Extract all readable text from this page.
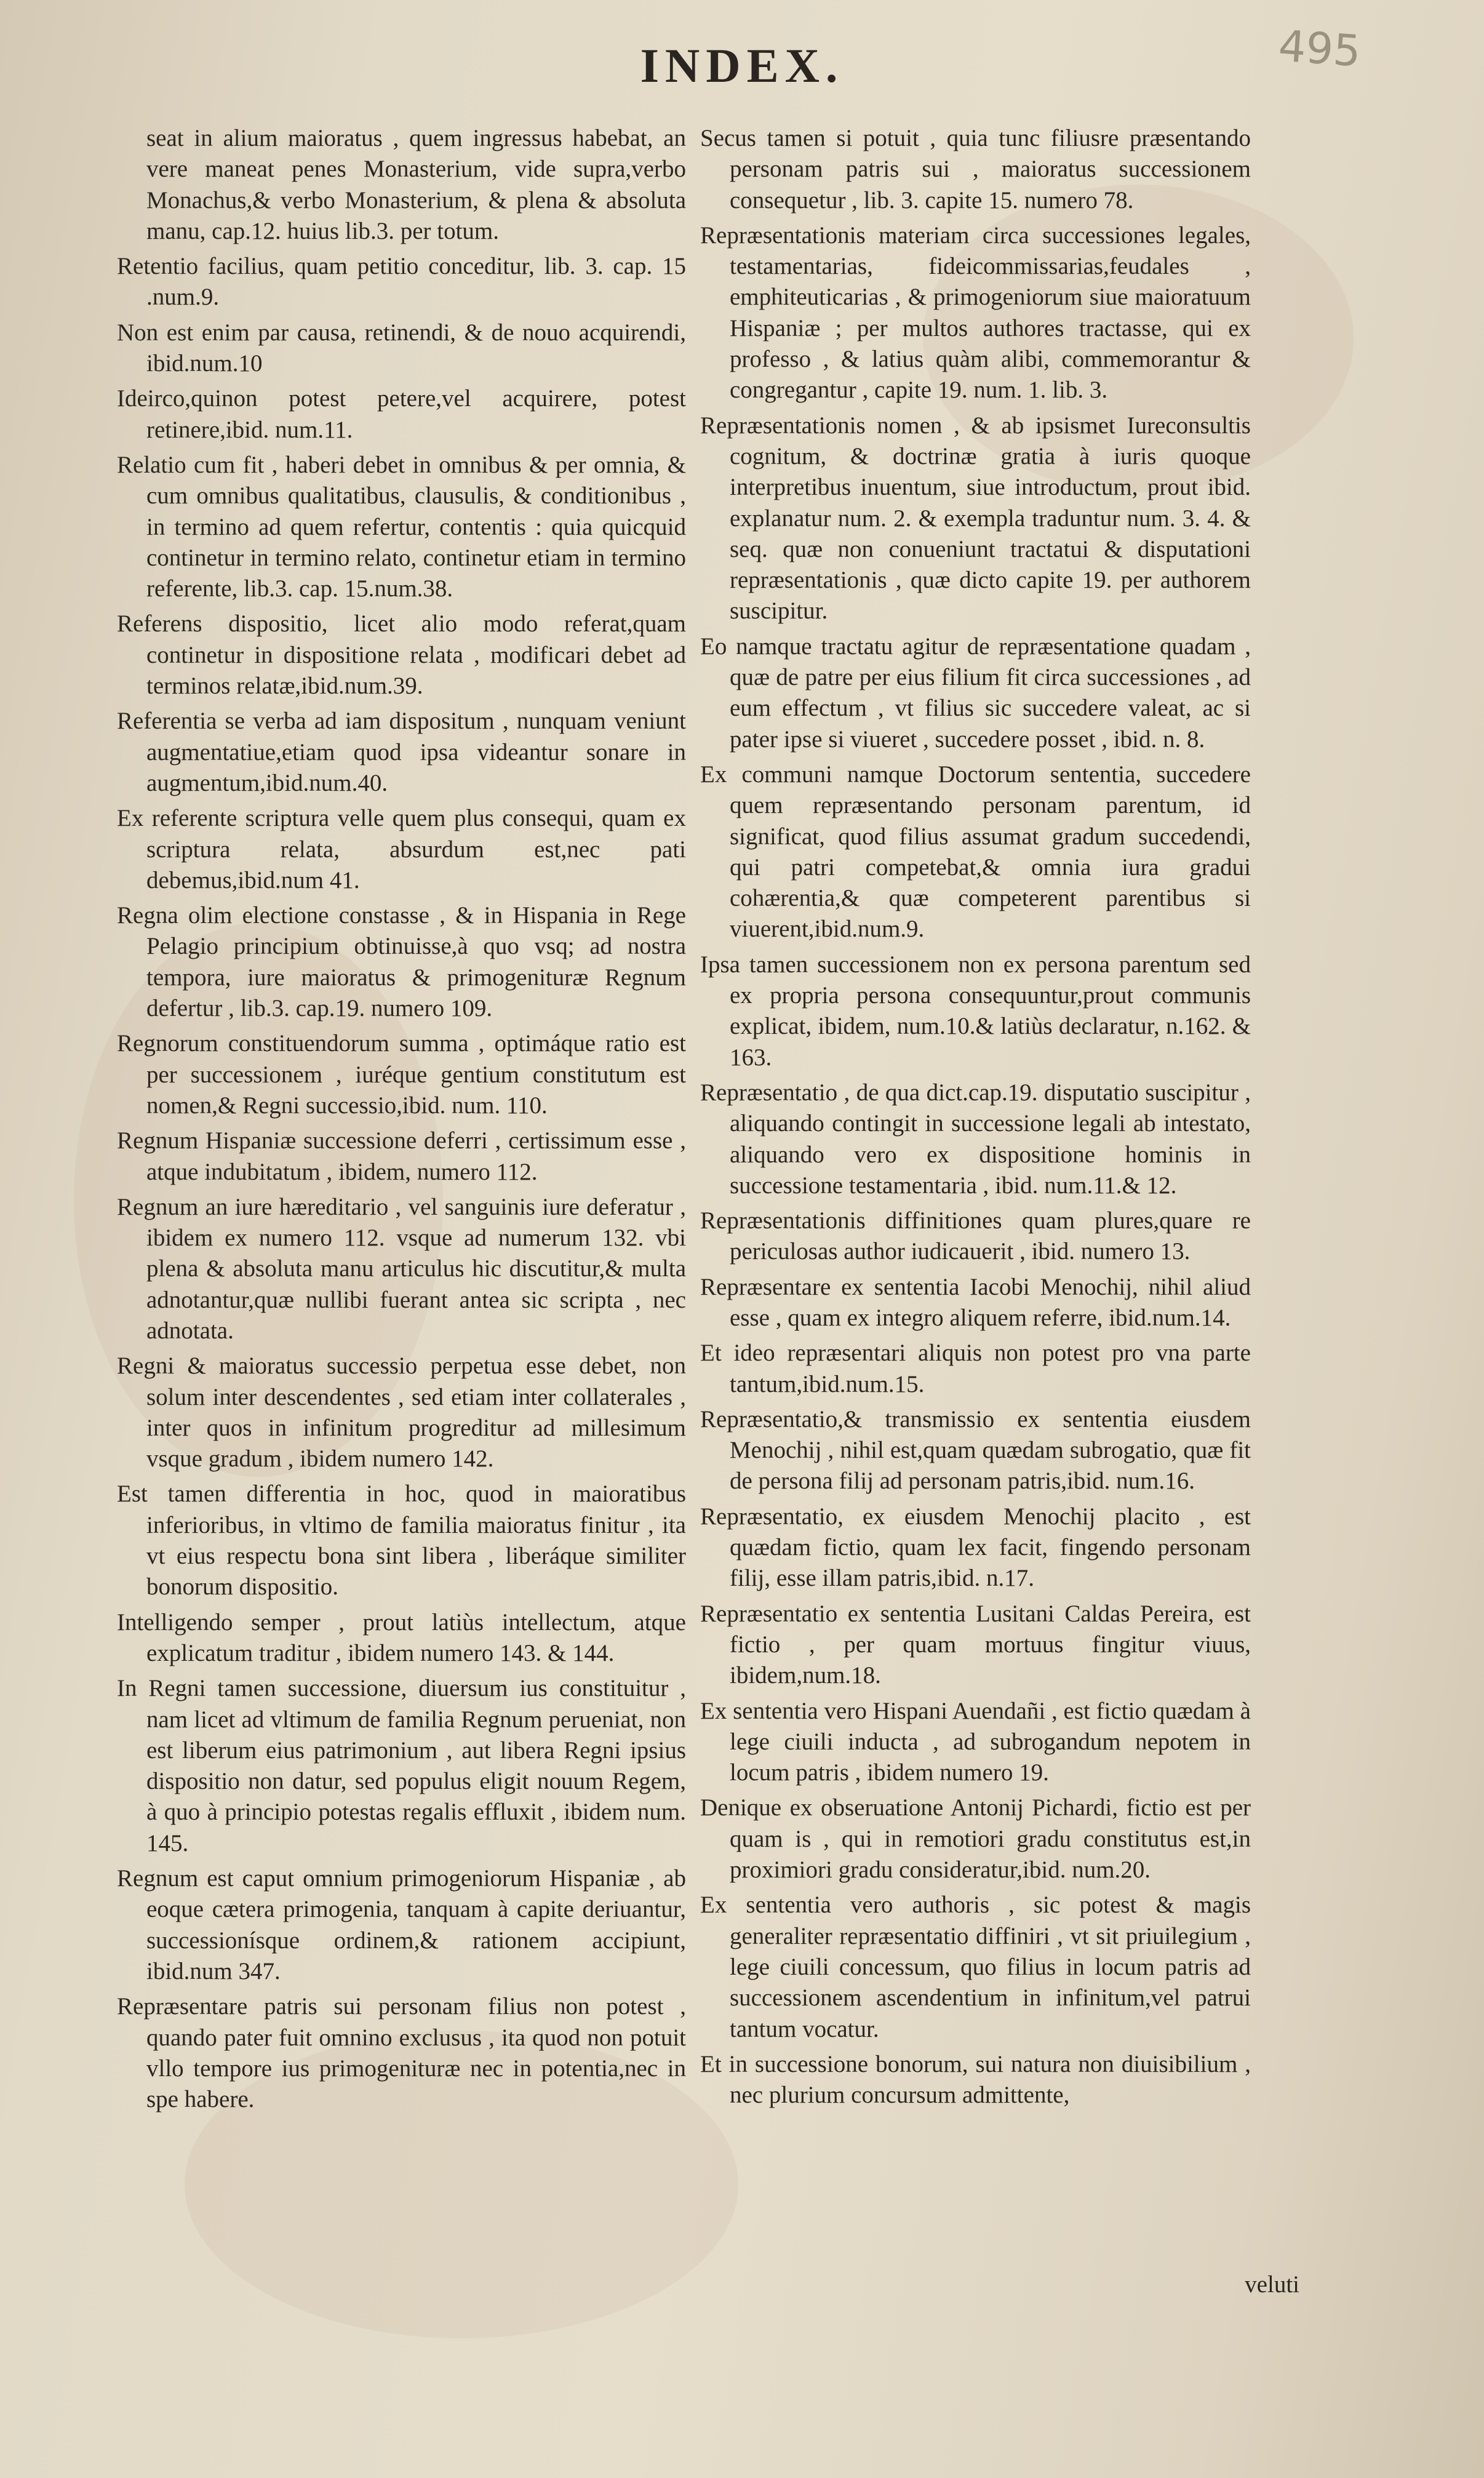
495
INDEX.

seat in alium maioratus , quem ingressus habebat, an vere maneat penes Monasterium, vide supra,verbo Monachus,& verbo Monasterium, & plena & absoluta manu, cap.12. huius lib.3. per totum.

Retentio facilius, quam petitio conceditur, lib. 3. cap. 15 .num.9.

Non est enim par causa, retinendi, & de nouo acquirendi, ibid.num.10

Ideirco,quinon potest petere,vel acquirere, potest retinere,ibid. num.11.

Relatio cum fit , haberi debet in omnibus & per omnia, & cum omnibus qualitatibus, clausulis, & conditionibus , in termino ad quem refertur, contentis : quia quicquid continetur in termino relato, continetur etiam in termino referente, lib.3. cap. 15.num.38.

Referens dispositio, licet alio modo referat,quam continetur in dispositione relata , modificari debet ad terminos relatæ,ibid.num.39.

Referentia se verba ad iam dispositum , nunquam veniunt augmentatiue,etiam quod ipsa videantur sonare in augmentum,ibid.num.40.

Ex referente scriptura velle quem plus consequi, quam ex scriptura relata, absurdum est,nec pati debemus,ibid.num 41.

Regna olim electione constasse , & in Hispania in Rege Pelagio principium obtinuisse,à quo vsq; ad nostra tempora, iure maioratus & primogenituræ Regnum defertur , lib.3. cap.19. numero 109.

Regnorum constituendorum summa , optimáque ratio est per successionem , iuréque gentium constitutum est nomen,& Regni successio,ibid. num. 110.

Regnum Hispaniæ successione deferri , certissimum esse , atque indubitatum , ibidem, numero 112.

Regnum an iure hæreditario , vel sanguinis iure deferatur , ibidem ex numero 112. vsque ad numerum 132. vbi plena & absoluta manu articulus hic discutitur,& multa adnotantur,quæ nullibi fuerant antea sic scripta , nec adnotata.

Regni & maioratus successio perpetua esse debet, non solum inter descendentes , sed etiam inter collaterales , inter quos in infinitum progreditur ad millesimum vsque gradum , ibidem numero 142.

Est tamen differentia in hoc, quod in maioratibus inferioribus, in vltimo de familia maioratus finitur , ita vt eius respectu bona sint libera , liberáque similiter bonorum dispositio.

Intelligendo semper , prout latiùs intellectum, atque explicatum traditur , ibidem numero 143. & 144.

In Regni tamen successione, diuersum ius constituitur , nam licet ad vltimum de familia Regnum perueniat, non est liberum eius patrimonium , aut libera Regni ipsius dispositio non datur, sed populus eligit nouum Regem, à quo à principio potestas regalis effluxit , ibidem num. 145.

Regnum est caput omnium primogeniorum Hispaniæ , ab eoque cætera primogenia, tanquam à capite deriuantur, successionísque ordinem,& rationem accipiunt, ibid.num 347.

Repræsentare patris sui personam filius non potest , quando pater fuit omnino exclusus , ita quod non potuit vllo tempore ius primogenituræ nec in potentia,nec in spe habere.

Secus tamen si potuit , quia tunc filiusre præsentando personam patris sui , maioratus successionem consequetur , lib. 3. capite 15. numero 78.

Repræsentationis materiam circa successiones legales, testamentarias, fideicommissarias,feudales , emphiteuticarias , & primogeniorum siue maioratuum Hispaniæ ; per multos authores tractasse, qui ex professo , & latius quàm alibi, commemorantur & congregantur , capite 19. num. 1. lib. 3.

Repræsentationis nomen , & ab ipsismet Iureconsultis cognitum, & doctrinæ gratia à iuris quoque interpretibus inuentum, siue introductum, prout ibid. explanatur num. 2. & exempla traduntur num. 3. 4. & seq. quæ non conueniunt tractatui & disputationi repræsentationis , quæ dicto capite 19. per authorem suscipitur.

Eo namque tractatu agitur de repræsentatione quadam , quæ de patre per eius filium fit circa successiones , ad eum effectum , vt filius sic succedere valeat, ac si pater ipse si viueret , succedere posset , ibid. n. 8.

Ex communi namque Doctorum sententia, succedere quem repræsentando personam parentum, id significat, quod filius assumat gradum succedendi, qui patri competebat,& omnia iura gradui cohærentia,& quæ competerent parentibus si viuerent,ibid.num.9.

Ipsa tamen successionem non ex persona parentum sed ex propria persona consequuntur,prout communis explicat, ibidem, num.10.& latiùs declaratur, n.162. & 163.

Repræsentatio , de qua dict.cap.19. disputatio suscipitur , aliquando contingit in successione legali ab intestato, aliquando vero ex dispositione hominis in successione testamentaria , ibid. num.11.& 12.

Repræsentationis diffinitiones quam plures,quare re periculosas author iudicauerit , ibid. numero 13.

Repræsentare ex sententia Iacobi Menochij, nihil aliud esse , quam ex integro aliquem referre, ibid.num.14.

Et ideo repræsentari aliquis non potest pro vna parte tantum,ibid.num.15.

Repræsentatio,& transmissio ex sententia eiusdem Menochij , nihil est,quam quædam subrogatio, quæ fit de persona filij ad personam patris,ibid. num.16.

Repræsentatio, ex eiusdem Menochij placito , est quædam fictio, quam lex facit, fingendo personam filij, esse illam patris,ibid. n.17.

Repræsentatio ex sententia Lusitani Caldas Pereira, est fictio , per quam mortuus fingitur viuus, ibidem,num.18.

Ex sententia vero Hispani Auendañi , est fictio quædam à lege ciuili inducta , ad subrogandum nepotem in locum patris , ibidem numero 19.

Denique ex obseruatione Antonij Pichardi, fictio est per quam is , qui in remotiori gradu constitutus est,in proximiori gradu consideratur,ibid. num.20.

Ex sententia vero authoris , sic potest & magis generaliter repræsentatio diffiniri , vt sit priuilegium , lege ciuili concessum, quo filius in locum patris ad successionem ascendentium in infinitum,vel patrui tantum vocatur.

Et in successione bonorum, sui natura non diuisibilium , nec plurium concursum admittente,

veluti
